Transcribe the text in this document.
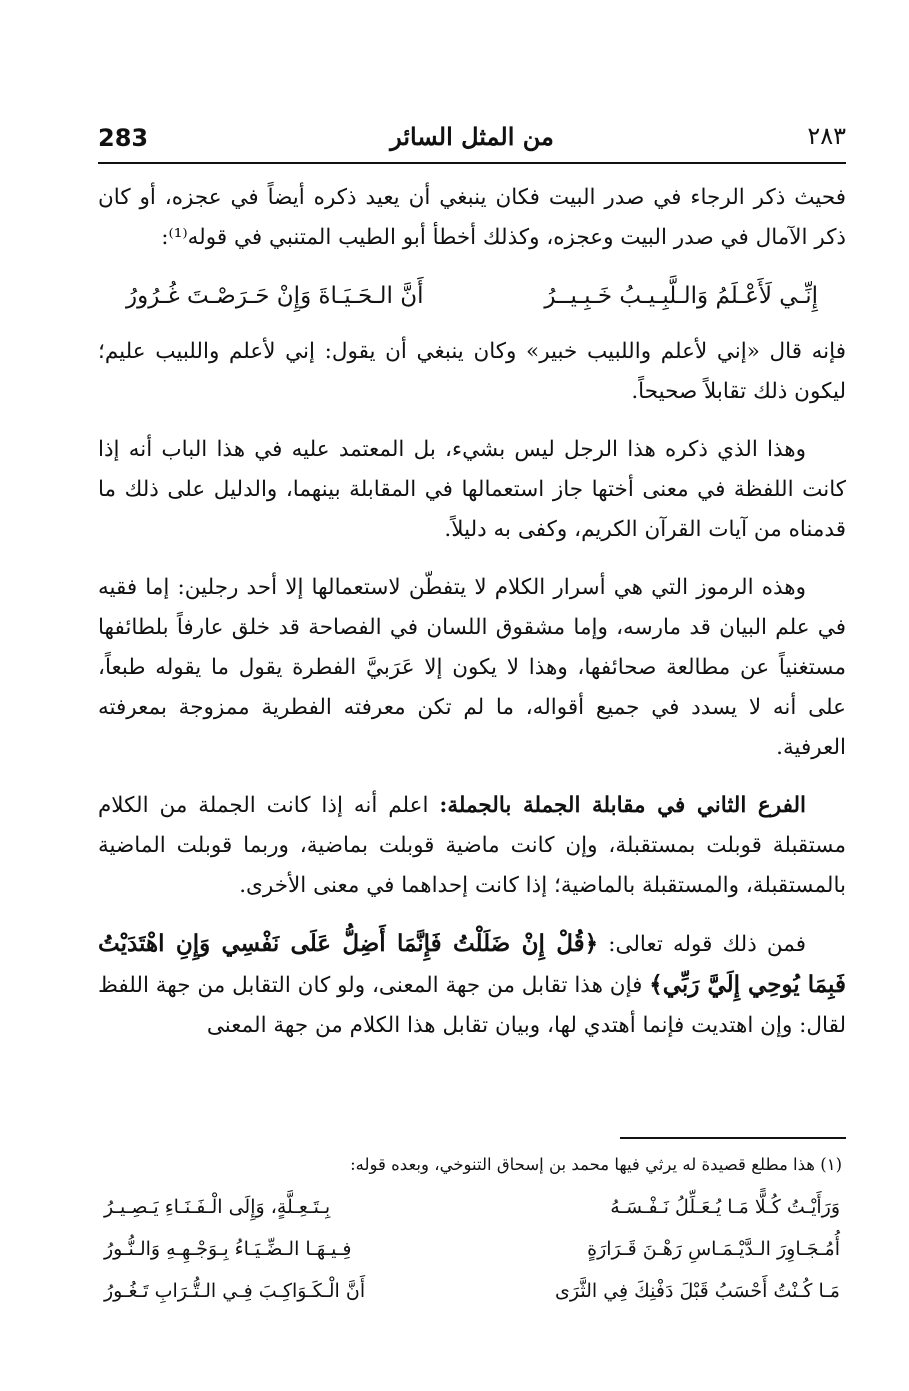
283	من المثل السائر	٢٨٣

فحيث ذكر الرجاء في صدر البيت فكان ينبغي أن يعيد ذكره أيضاً في عجزه، أو كان ذكر الآمال في صدر البيت وعجزه، وكذلك أخطأ أبو الطيب المتنبي في قوله⁽¹⁾:

إِنِّـي لَأَعْـلَمُ وَالـلَّبِـيـبُ خَـبِـيــرُ
أَنَّ الـحَـيَـاةَ وَإِنْ حَـرَصْـتَ غُـرُورُ

فإنه قال «إني لأعلم واللبيب خبير» وكان ينبغي أن يقول: إني لأعلم واللبيب عليم؛ ليكون ذلك تقابلاً صحيحاً.

وهذا الذي ذكره هذا الرجل ليس بشيء، بل المعتمد عليه في هذا الباب أنه إذا كانت اللفظة في معنى أختها جاز استعمالها في المقابلة بينهما، والدليل على ذلك ما قدمناه من آيات القرآن الكريم، وكفى به دليلاً.

وهذه الرموز التي هي أسرار الكلام لا يتفطّن لاستعمالها إلا أحد رجلين: إما فقيه في علم البيان قد مارسه، وإما مشقوق اللسان في الفصاحة قد خلق عارفاً بلطائفها مستغنياً عن مطالعة صحائفها، وهذا لا يكون إلا عَرَبيَّ الفطرة يقول ما يقوله طبعاً، على أنه لا يسدد في جميع أقواله، ما لم تكن معرفته الفطرية ممزوجة بمعرفته العرفية.

الفرع الثاني في مقابلة الجملة بالجملة: اعلم أنه إذا كانت الجملة من الكلام مستقبلة قوبلت بمستقبلة، وإن كانت ماضية قوبلت بماضية، وربما قوبلت الماضية بالمستقبلة، والمستقبلة بالماضية؛ إذا كانت إحداهما في معنى الأخرى.

فمن ذلك قوله تعالى: ﴿قُلْ إِنْ ضَلَلْتُ فَإِنَّمَا أَضِلُّ عَلَى نَفْسِي وَإِنِ اهْتَدَيْتُ فَبِمَا يُوحِي إِلَيَّ رَبِّي﴾ فإن هذا تقابل من جهة المعنى، ولو كان التقابل من جهة اللفظ لقال: وإن اهتديت فإنما أهتدي لها، وبيان تقابل هذا الكلام من جهة المعنى

(١) هذا مطلع قصيدة له يرثي فيها محمد بن إسحاق التنوخي، وبعده قوله:
وَرَأَيْـتُ كُـلًّا مَـا يُـعَـلِّلُ نَـفْـسَـهُ
بِـتَـعِـلَّةٍ، وَإِلَى الْـفَـنَـاءِ يَـصِـيـرُ
أُمُـجَـاوِرَ الـدَّيْـمَـاسِ رَهْـنَ قَـرَارَةٍ
فِـيـهَـا الـضِّـيَـاءُ بِـوَجْـهِـهِ وَالـنُّـورُ
مَـا كُـنْتُ أَحْسَبُ قَبْلَ دَفْنِكَ فِي الثَّرَى
أَنَّ الْـكَـوَاكِـبَ فِـي الـتُّـرَابِ تَـغُـورُ
